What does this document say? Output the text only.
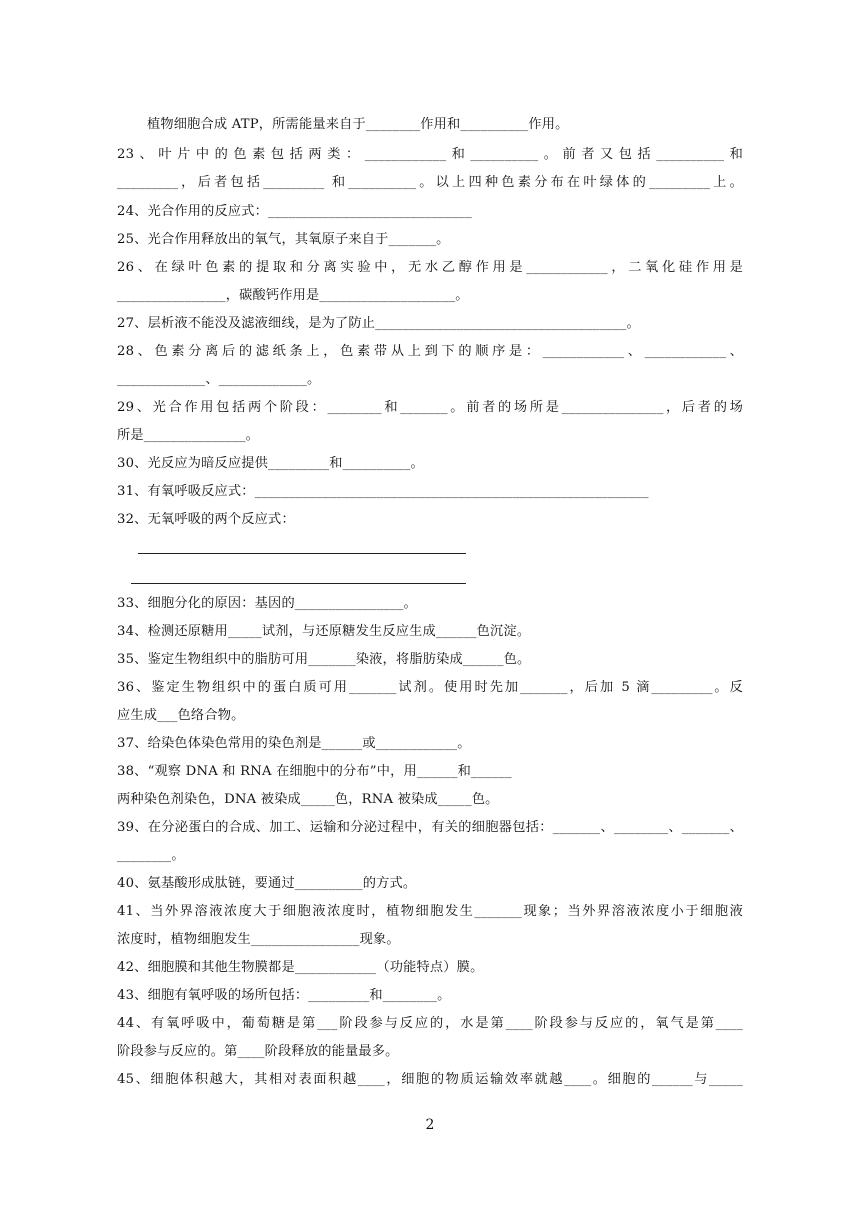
植物细胞合成 ATP，所需能量来自于________作用和__________作用。
23、叶片中的色素包括两类：____________和__________。前者又包括__________和
_________，后者包括_________ 和__________。以上四种色素分布在叶绿体的_________上。
24、光合作用的反应式：______________________________
25、光合作用释放出的氧气，其氧原子来自于_______。
26、在绿叶色素的提取和分离实验中，无水乙醇作用是____________，二氧化硅作用是
________________，碳酸钙作用是____________________。
27、层析液不能没及滤液细线，是为了防止_____________________________________。
28、色素分离后的滤纸条上，色素带从上到下的顺序是：____________、____________、
_____________、_____________。
29、光合作用包括两个阶段：________和_______。前者的场所是_______________，后者的场
所是_______________。
30、光反应为暗反应提供_________和__________。
31、有氧呼吸反应式：__________________________________________________________
32、无氧呼吸的两个反应式：
33、细胞分化的原因：基因的________________。
34、检测还原糖用_____试剂，与还原糖发生反应生成______色沉淀。
35、鉴定生物组织中的脂肪可用_______染液，将脂肪染成______色。
36、鉴定生物组织中的蛋白质可用_______试剂。使用时先加_______，后加 5 滴_________。反
应生成___色络合物。
37、给染色体染色常用的染色剂是______或____________。
38、“观察 DNA 和 RNA 在细胞中的分布”中，用______和______
两种染色剂染色，DNA 被染成_____色，RNA 被染成_____色。
39、在分泌蛋白的合成、加工、运输和分泌过程中，有关的细胞器包括：_______、________、_______、
________。
40、氨基酸形成肽链，要通过__________的方式。
41、当外界溶液浓度大于细胞液浓度时，植物细胞发生_______现象；当外界溶液浓度小于细胞液
浓度时，植物细胞发生________________现象。
42、细胞膜和其他生物膜都是____________（功能特点）膜。
43、细胞有氧呼吸的场所包括：_________和________。
44、有氧呼吸中，葡萄糖是第___阶段参与反应的，水是第____阶段参与反应的，氧气是第____
阶段参与反应的。第____阶段释放的能量最多。
45、细胞体积越大，其相对表面积越____，细胞的物质运输效率就越____。细胞的______与_____
2
